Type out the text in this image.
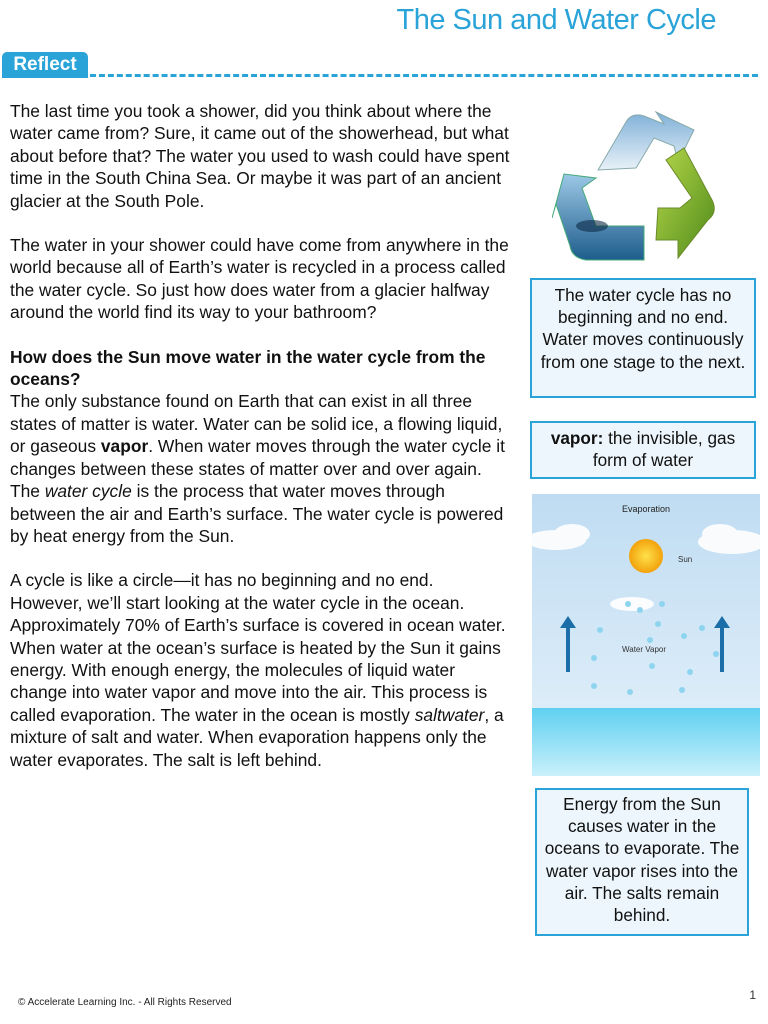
The Sun and Water Cycle
Reflect

The last time you took a shower, did you think about where the water came from? Sure, it came out of the showerhead, but what about before that? The water you used to wash could have spent time in the South China Sea. Or maybe it was part of an ancient glacier at the South Pole.

The water in your shower could have come from anywhere in the world because all of Earth’s water is recycled in a process called the water cycle. So just how does water from a glacier halfway around the world find its way to your bathroom?

How does the Sun move water in the water cycle from the oceans?

The only substance found on Earth that can exist in all three states of matter is water. Water can be solid ice, a flowing liquid, or gaseous vapor. When water moves through the water cycle it changes between these states of matter over and over again. The water cycle is the process that water moves through between the air and Earth’s surface. The water cycle is powered by heat energy from the Sun.

A cycle is like a circle—it has no beginning and no end. However, we’ll start looking at the water cycle in the ocean. Approximately 70% of Earth’s surface is covered in ocean water. When water at the ocean’s surface is heated by the Sun it gains energy. With enough energy, the molecules of liquid water change into water vapor and move into the air. This process is called evaporation. The water in the ocean is mostly saltwater, a mixture of salt and water. When evaporation happens only the water evaporates. The salt is left behind.

The water cycle has no beginning and no end. Water moves continuously from one stage to the next.
vapor: the invisible, gas form of water
Evaporation
Sun
Water Vapor
Energy from the Sun causes water in the oceans to evaporate. The water vapor rises into the air. The salts remain behind.
© Accelerate Learning Inc. - All Rights Reserved
1
